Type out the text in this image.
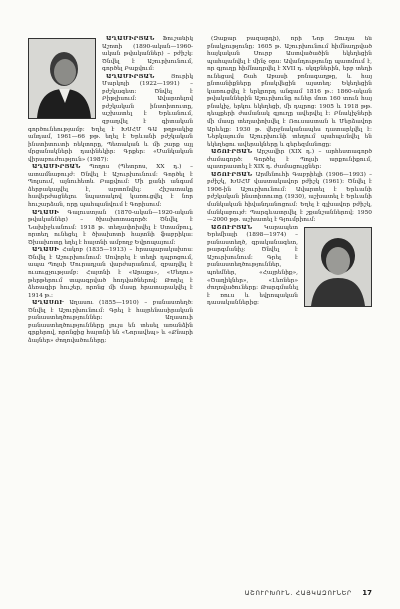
ԱՂԱՄԻՐՅԱՆ Ֆուշանիկ Աշոտի (1890-ական—1960-ական թվականներ) – բժիշկ: Ծնվել է Աշուրխունում, գործել Բաքվում:

ԱՂԱՄԻՐՅԱՆ	Յուրիկ Մարկոյի (1922—1991) – բժշկագետ: Ծնվել է Բիթլիսում: Ավարտելով բժշկական ինստիտուտը, աշխատել է Երևանում, զբաղվել է գիտական գործունեությամբ: Եղել է ԽՍՀՄ ԳԱ թղթակից անդամ, 1961—66 թթ. եղել է Երևանի բժշկական ինստիտուտի ռեկտորը, Պետական և մի շարք այլ մրցանակների դափնեկիր: Գրքեր: «Մանկական վիրաբուժություն» (1987):

ԱՂԱՄԻՐՅԱՆ Պողոս (Պետրոս, XX դ.) – ատամնաբույժ: Ծնվել է Աշուրխունում: Գործել է Պոլսում, այնուհետև Բաքվում: Մի քանի անգամ ձերբակալվել է, արտոնվել: Հիշատակը հավերժացնելու նպատակով կառուցվել է նոր հուշարձան, որը պահպանվում է Գորիսում:

ԱՂԱՍԻ Գալուստյան (1870-ական—1920-ական թվականներ) – ծխախոտագործ: Ծնվել է Նախիջևանում: 1918 թ. տեղափոխվել է Ստամբուլ, որտեղ ունեցել է ծխախոտի հայտնի ֆաբրիկա: Ծխախոտը եղել է հայտնի ամբողջ Եվրոպայում:

ԱՂԱՍԻ Հակոբ (1835—1913) – հրապարակախոս: Ծնվել է Աշուրխունում: Սովորել է տեղի դպրոցում, ապա Պոլսի Մուրադյան վարժարանում, զբաղվել է ուսուցչությամբ: Հայտնի է «Արաքս», «Մեղու» թերթերում տպագրված հոդվածներով: Թողել է ձեռագիր հուշեր, որոնց մի մասը հրատարակվել է 1914 թ.:

ԱՂԱՍՈՒ Աղասու (1855—1910) – բանաստեղծ: Ծնվել է Աշուրխունում: Գրել է հայրենասիրական բանաստեղծություններ: Աղասուի բանաստեղծությունները լույս են տեսել առանձին գրքերով, որոնցից հայտնի են «Նորավեպ» և «Քնարի ձայներ» ժողովածուները:

(Զաքար բազարդի), որի Նոր Զուղա են բնակչությունը: 1605 թ. Աշուրխունում հիմնադրված հայկական Սուրբ Աստվածածին եկեղեցին պահպանվել է մինչ օրս: Ավանդությունը պատմում է, որ գյուղը հիմնադրվել է XVII դ. սկզբներին, երբ տեղի ունեցավ Շահ Աբասի բռնագաղթը, և հայ ընտանիքները բնակվեցին այստեղ: Եկեղեցին կառուցվել է երկրորդ անգամ 1816 թ.: 1860-ական թվականներին Աշուրխունը ուներ մոտ 160 տուն հայ բնակիչ, երկու եկեղեցի, մի դպրոց: 1905 և 1918 թթ. դեպքերի ժամանակ գյուղը ավերվել է: Բնակիչների մի մասը տեղափոխվել է Ռուսաստան և Մերձավոր Արևելք: 1930 թ. վերջնականապես դատարկվել է: Ներկայումս Աշուրխունի տեղում պահպանվել են եկեղեցու ավերակները և գերեզմանոցը:

ԱՇՈՒՐՅԱՆ Արշավիր (XIX դ.) – արհեստագործ ժամագործ: Գործել է Պոլսի արքունիքում, պատրաստել է XIX դ. ժամացույցներ:

ԱՇՈՒՐՅԱՆ Արմենուհի Գաբրիելի (1906—1993) – բժիշկ, ԽՍՀՄ վաստակավոր բժիշկ (1961): Ծնվել է 1906-ին Աշուրխունում: Ավարտել է Երևանի բժշկական ինստիտուտը (1930), աշխատել է Երևանի մանկական հիվանդանոցում: Եղել է գլխավոր բժիշկ, մանկաբույժ: Պարգևատրվել է շքանշաններով: 1950—2000 թթ. աշխատել է Գյումրիում:

ԱՇՈՒՐՅԱՆ Կարապետ Երեմիայի (1898—1974) – բանաստեղծ, գրականագետ, թարգմանիչ: Ծնվել է Աշուրխունում: Գրել է բանաստեղծություններ, պոեմներ, «Հայրենիք», «Ծաղիկներ», «Լեռներ» ժողովածուները: Թարգմանել է ռուս և եվրոպական դասականներից:

ԱՇՈՒՐԽՈՒՆ. ՀԱՅԿԱԶՈՒՆԵՐ 17
